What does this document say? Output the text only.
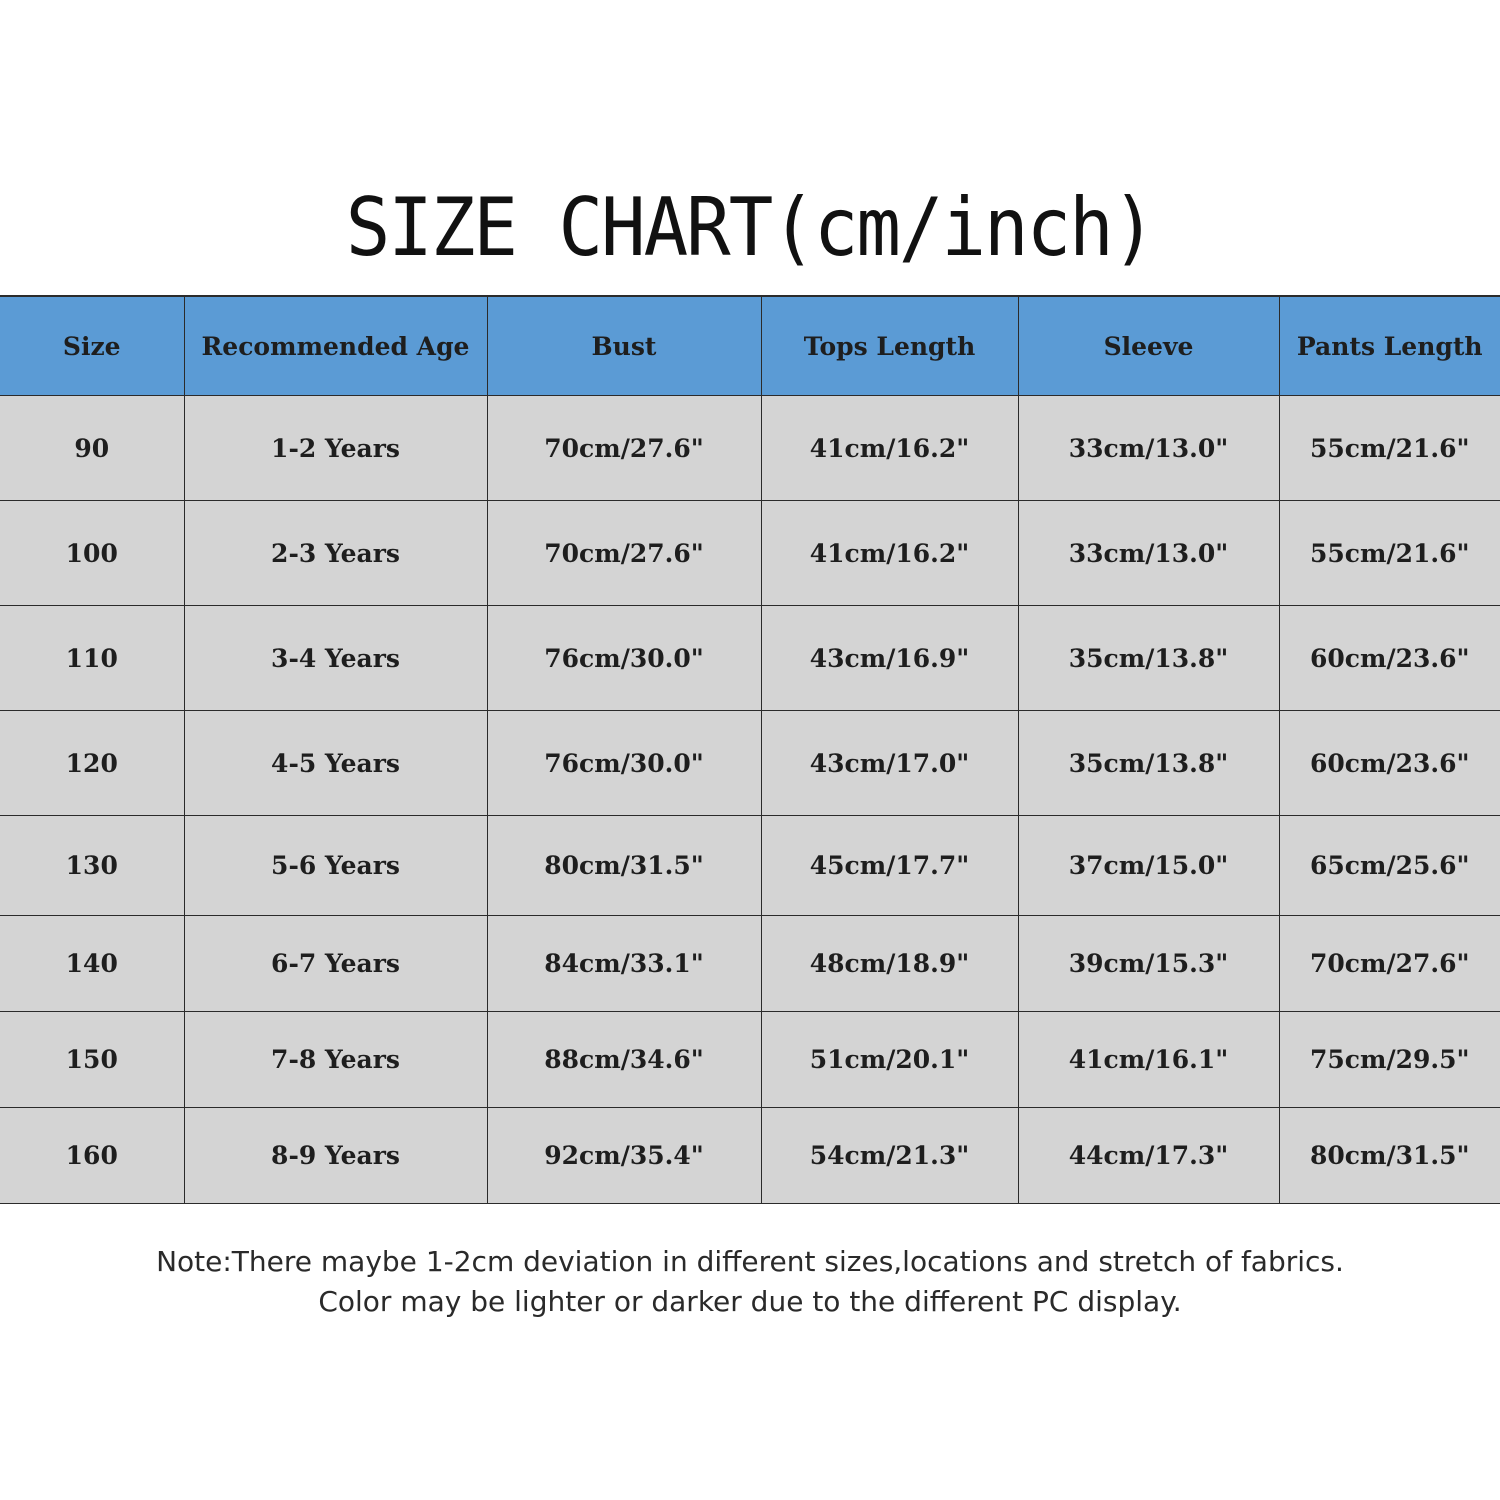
SIZE CHART(cm/inch)
Size	Recommended Age	Bust	Tops Length	Sleeve	Pants Length
90	1-2 Years	70cm/27.6"	41cm/16.2"	33cm/13.0"	55cm/21.6"
100	2-3 Years	70cm/27.6"	41cm/16.2"	33cm/13.0"	55cm/21.6"
110	3-4 Years	76cm/30.0"	43cm/16.9"	35cm/13.8"	60cm/23.6"
120	4-5 Years	76cm/30.0"	43cm/17.0"	35cm/13.8"	60cm/23.6"
130	5-6 Years	80cm/31.5"	45cm/17.7"	37cm/15.0"	65cm/25.6"
140	6-7 Years	84cm/33.1"	48cm/18.9"	39cm/15.3"	70cm/27.6"
150	7-8 Years	88cm/34.6"	51cm/20.1"	41cm/16.1"	75cm/29.5"
160	8-9 Years	92cm/35.4"	54cm/21.3"	44cm/17.3"	80cm/31.5"
Note:There maybe 1-2cm deviation in different sizes,locations and stretch of fabrics.
Color may be lighter or darker due to the different PC display.
